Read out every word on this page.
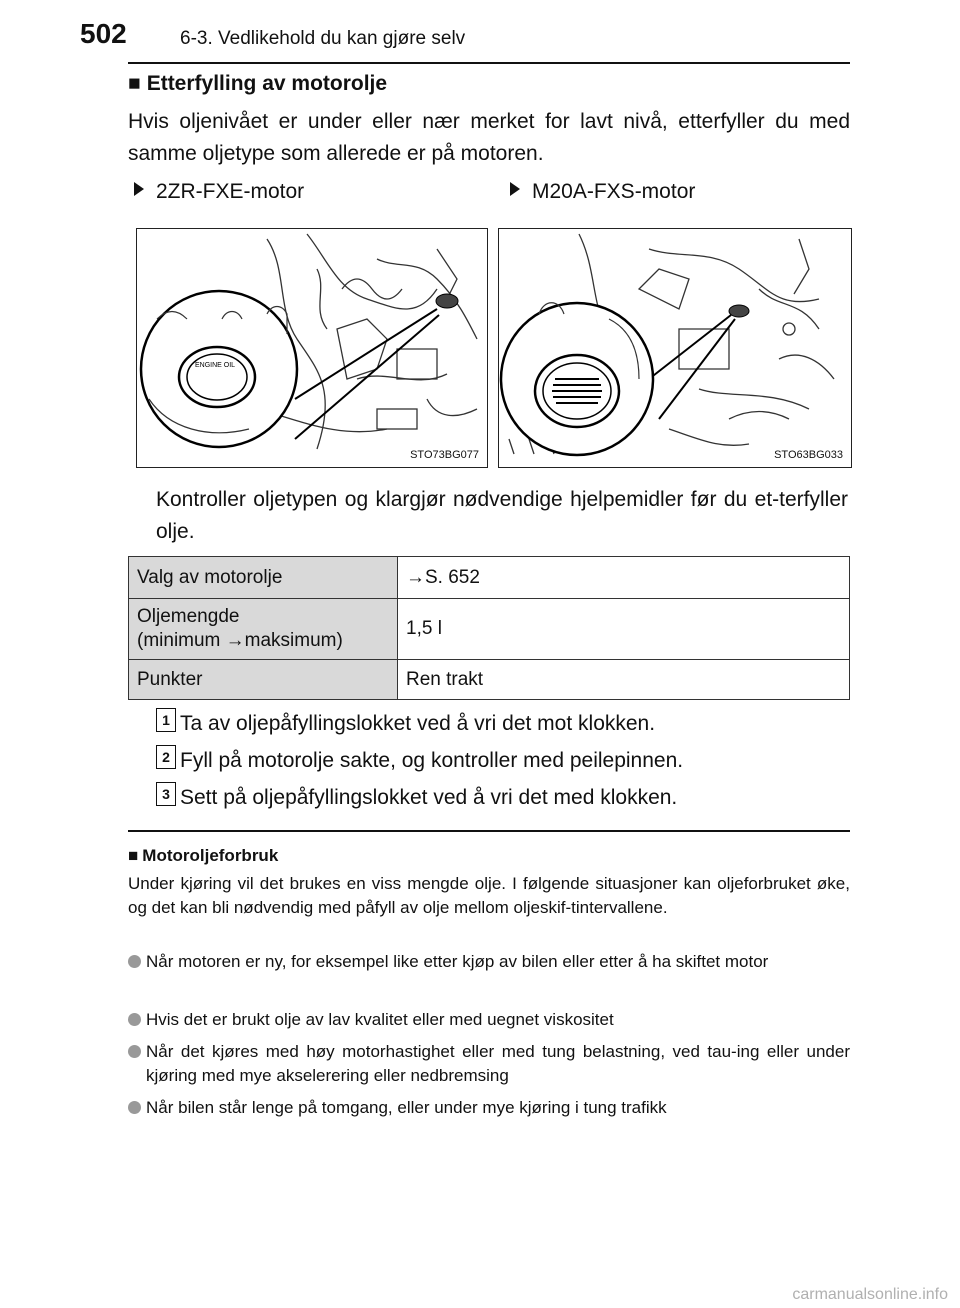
502	6-3. Vedlikehold du kan gjøre selv
■ Etterfylling av motorolje
Hvis oljenivået er under eller nær merket for lavt nivå, etterfyller du med samme oljetype som allerede er på motoren.
2ZR-FXE-motor	M20A-FXS-motor
ENGINE OIL
STO73BG077	STO63BG033
Kontroller oljetypen og klargjør nødvendige hjelpemidler før du et-terfyller olje.
Valg av motorolje	→S. 652
Oljemengde
(minimum →maksimum)	1,5 l
Punkter	Ren trakt
1 Ta av oljepåfyllingslokket ved å vri det mot klokken.
2 Fyll på motorolje sakte, og kontroller med peilepinnen.
3 Sett på oljepåfyllingslokket ved å vri det med klokken.
■ Motoroljeforbruk
Under kjøring vil det brukes en viss mengde olje. I følgende situasjoner kan oljeforbruket øke, og det kan bli nødvendig med påfyll av olje mellom oljeskif-tintervallene.
Når motoren er ny, for eksempel like etter kjøp av bilen eller etter å ha skiftet motor
Hvis det er brukt olje av lav kvalitet eller med uegnet viskositet
Når det kjøres med høy motorhastighet eller med tung belastning, ved tau-ing eller under kjøring med mye akselerering eller nedbremsing
Når bilen står lenge på tomgang, eller under mye kjøring i tung trafikk
carmanualsonline.info
